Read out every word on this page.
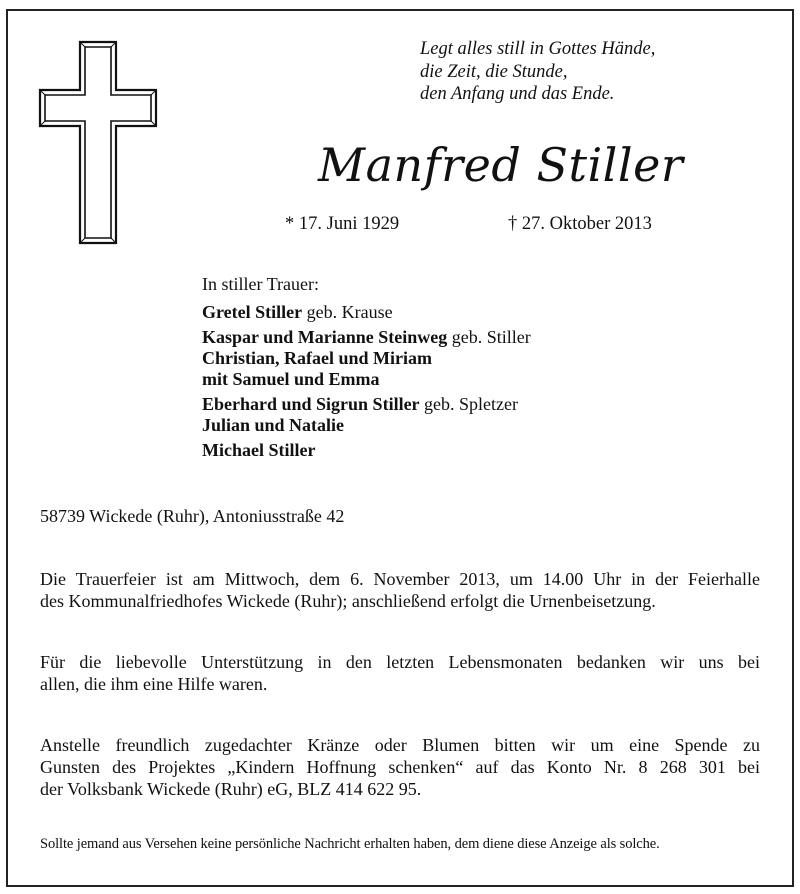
Legt alles still in Gottes Hände,
die Zeit, die Stunde,
den Anfang und das Ende.
Manfred Stiller
* 17. Juni 1929	† 27. Oktober 2013
In stiller Trauer:
Gretel Stiller geb. Krause
Kaspar und Marianne Steinweg geb. Stiller
Christian, Rafael und Miriam
mit Samuel und Emma
Eberhard und Sigrun Stiller geb. Spletzer
Julian und Natalie
Michael Stiller
58739 Wickede (Ruhr), Antoniusstraße 42
Die Trauerfeier ist am Mittwoch, dem 6. November 2013, um 14.00 Uhr in der Feierhalle
des Kommunalfriedhofes Wickede (Ruhr); anschließend erfolgt die Urnenbeisetzung.
Für die liebevolle Unterstützung in den letzten Lebensmonaten bedanken wir uns bei
allen, die ihm eine Hilfe waren.
Anstelle freundlich zugedachter Kränze oder Blumen bitten wir um eine Spende zu
Gunsten des Projektes „Kindern Hoffnung schenken“ auf das Konto Nr. 8 268 301 bei
der Volksbank Wickede (Ruhr) eG, BLZ 414 622 95.
Sollte jemand aus Versehen keine persönliche Nachricht erhalten haben, dem diene diese Anzeige als solche.
